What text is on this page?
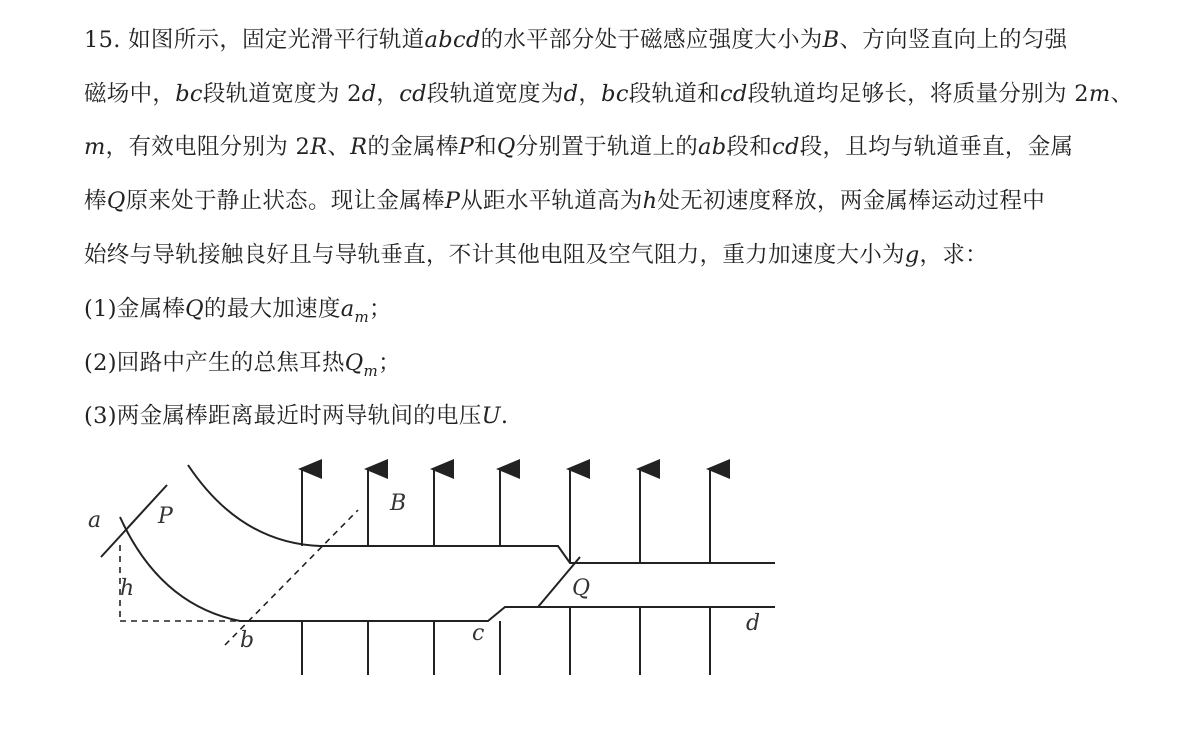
15. 如图所示，固定光滑平行轨道abcd的水平部分处于磁感应强度大小为B、方向竖直向上的匀强
磁场中，bc段轨道宽度为 2d，cd段轨道宽度为d，bc段轨道和cd段轨道均足够长，将质量分别为 2m、
m，有效电阻分别为 2R、R的金属棒P和Q分别置于轨道上的ab段和cd段，且均与轨道垂直，金属
棒Q原来处于静止状态。现让金属棒P从距水平轨道高为h处无初速度释放，两金属棒运动过程中
始终与导轨接触良好且与导轨垂直，不计其他电阻及空气阻力，重力加速度大小为g，求：
(1)金属棒Q的最大加速度$a_m$；
(2)回路中产生的总焦耳热$Q_m$；
(3)两金属棒距离最近时两导轨间的电压U.
a	P
B
h
b	c
Q
d
